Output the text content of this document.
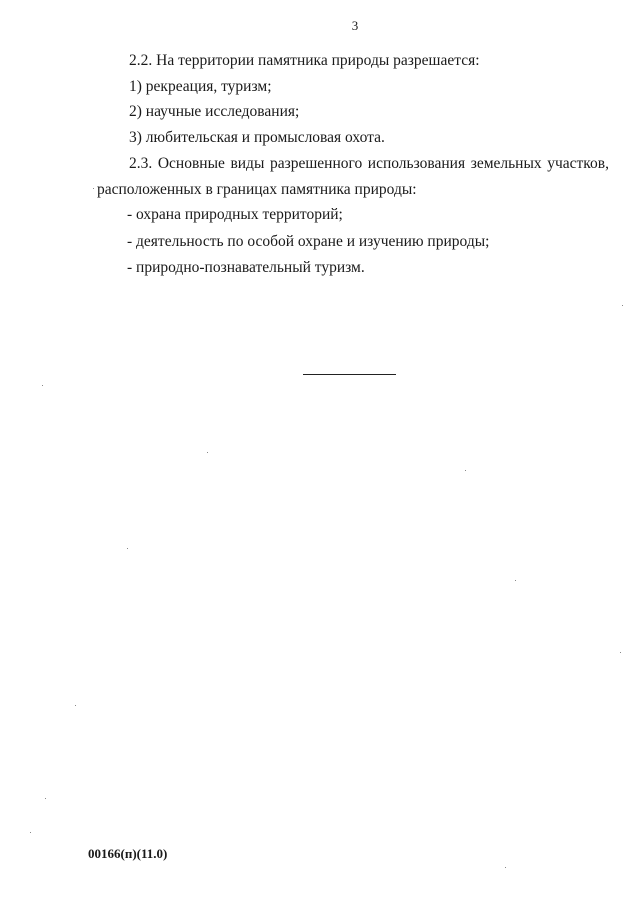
3
2.2. На территории памятника природы разрешается:
1) рекреация, туризм;
2) научные исследования;
3) любительская и промысловая охота.
2.3. Основные виды разрешенного использования земельных участков,
расположенных в границах памятника природы:
- охрана природных территорий;
- деятельность по особой охране и изучению природы;
- природно-познавательный туризм.
00166(п)(11.0)
